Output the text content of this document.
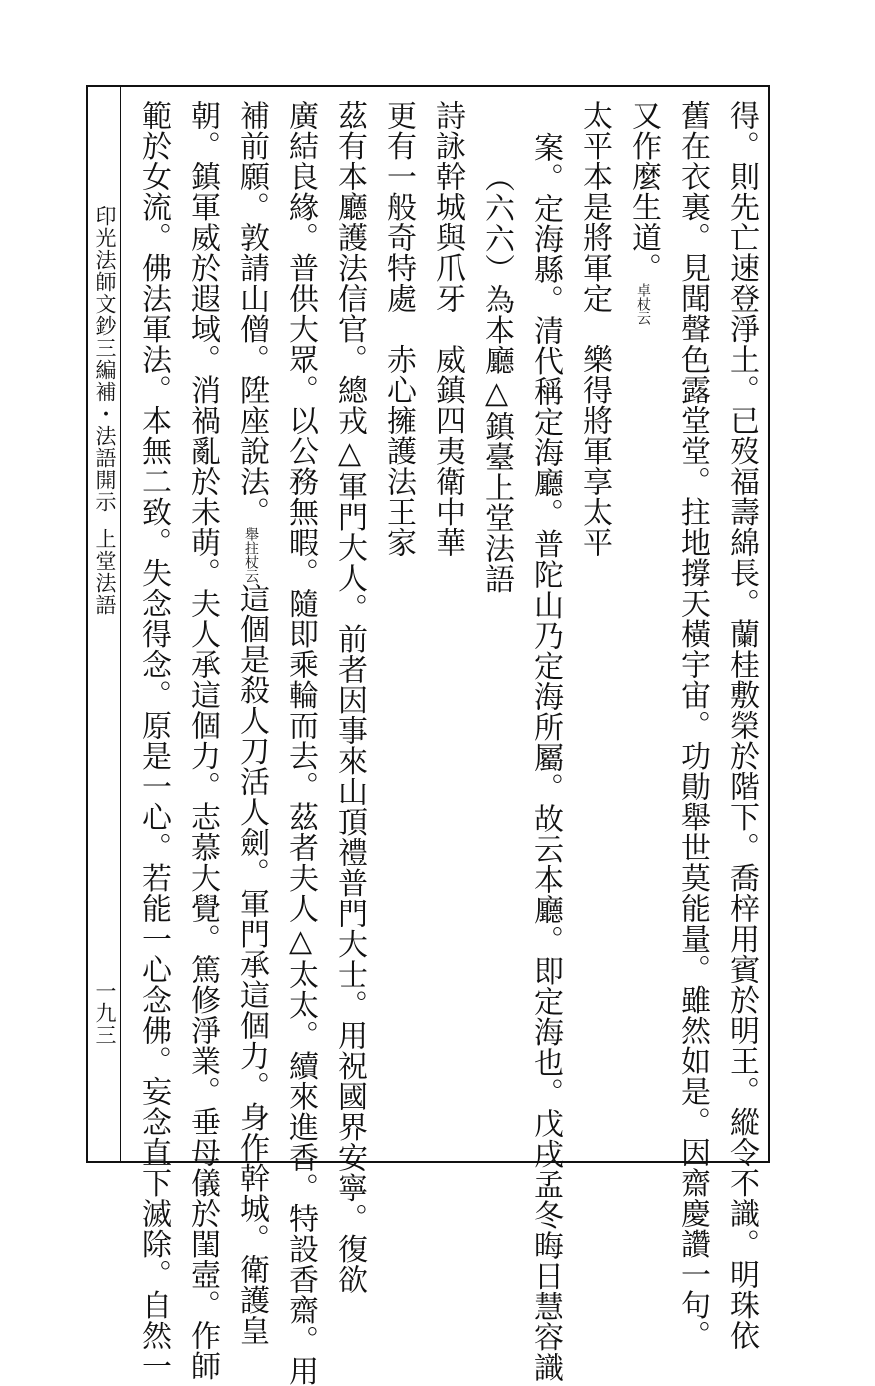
印光法師文鈔三編補・法語開示
上堂法語
一九三	得。則先亡速登淨土。已歿福壽綿長。蘭桂敷榮於階下。喬梓用賓於明王。縱令不識。明珠依
舊在衣裏。見聞聲色露堂堂。拄地撐天橫宇宙。功勛舉世莫能量。雖然如是。因齋慶讚一句。
又作麼生道。卓杖云
太平本是將軍定　樂得將軍享太平
案。定海縣。清代稱定海廳。普陀山乃定海所屬。故云本廳。即定海也。戊戌孟冬晦日慧容識
（六六）為本廳△鎮臺上堂法語
詩詠幹城與爪牙　威鎮四夷衛中華
更有一般奇特處　赤心擁護法王家
茲有本廳護法信官。總戎△軍門大人。前者因事來山頂禮普門大士。用祝國界安寧。復欲
廣結良緣。普供大眾。以公務無暇。隨即乘輪而去。茲者夫人△太太。續來進香。特設香齋。用
補前願。敦請山僧。陞座說法。舉拄杖云這個是殺人刀活人劍。軍門承這個力。身作幹城。衛護皇
朝。鎮軍威於遐域。消禍亂於未萌。夫人承這個力。志慕大覺。篤修淨業。垂母儀於閨壼。作師
範於女流。佛法軍法。本無二致。失念得念。原是一心。若能一心念佛。妄念直下滅除。自然一
